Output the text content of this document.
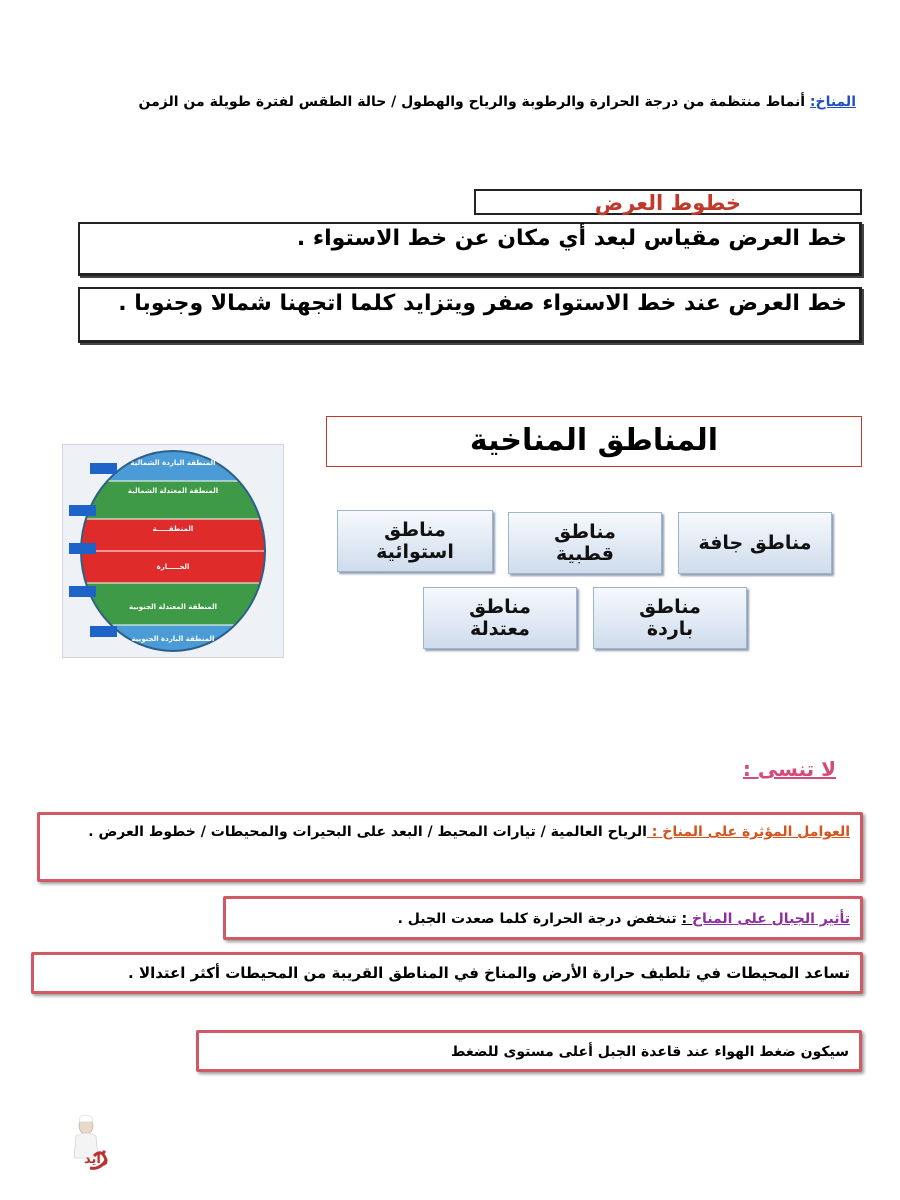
المناخ: أنماط منتظمة من درجة الحرارة والرطوبة والرياح والهطول / حالة الطقس لفترة طويلة من الزمن
خطوط العرض
خط العرض مقياس لبعد أي مكان عن خط الاستواء .
خط العرض عند خط الاستواء صفر ويتزايد كلما اتجهنا شمالا وجنوبا .
المناطق المناخية
المنطقة الباردة الشمالية
المنطقة المعتدلة الشمالية
المنطقـــــة
الحـــــارة
المنطقة المعتدلة الجنوبية
المنطقة الباردة الجنوبية
مناطق جافة
مناطق قطبية
مناطق استوائية
مناطق باردة
مناطق معتدلة
لا تنسى :
العوامل المؤثرة على المناخ : الرياح العالمية / تيارات المحيط / البعد على البحيرات والمحيطات / خطوط العرض .
تأثير الجبال على المناخ : تنخفض درجة الحرارة كلما صعدت الجبل .
تساعد المحيطات في تلطيف حرارة الأرض والمناخ في المناطق القريبة من المحيطات أكثر اعتدالا .
سيكون ضغط الهواء عند قاعدة الجبل أعلى مستوى للضغط
زايد
